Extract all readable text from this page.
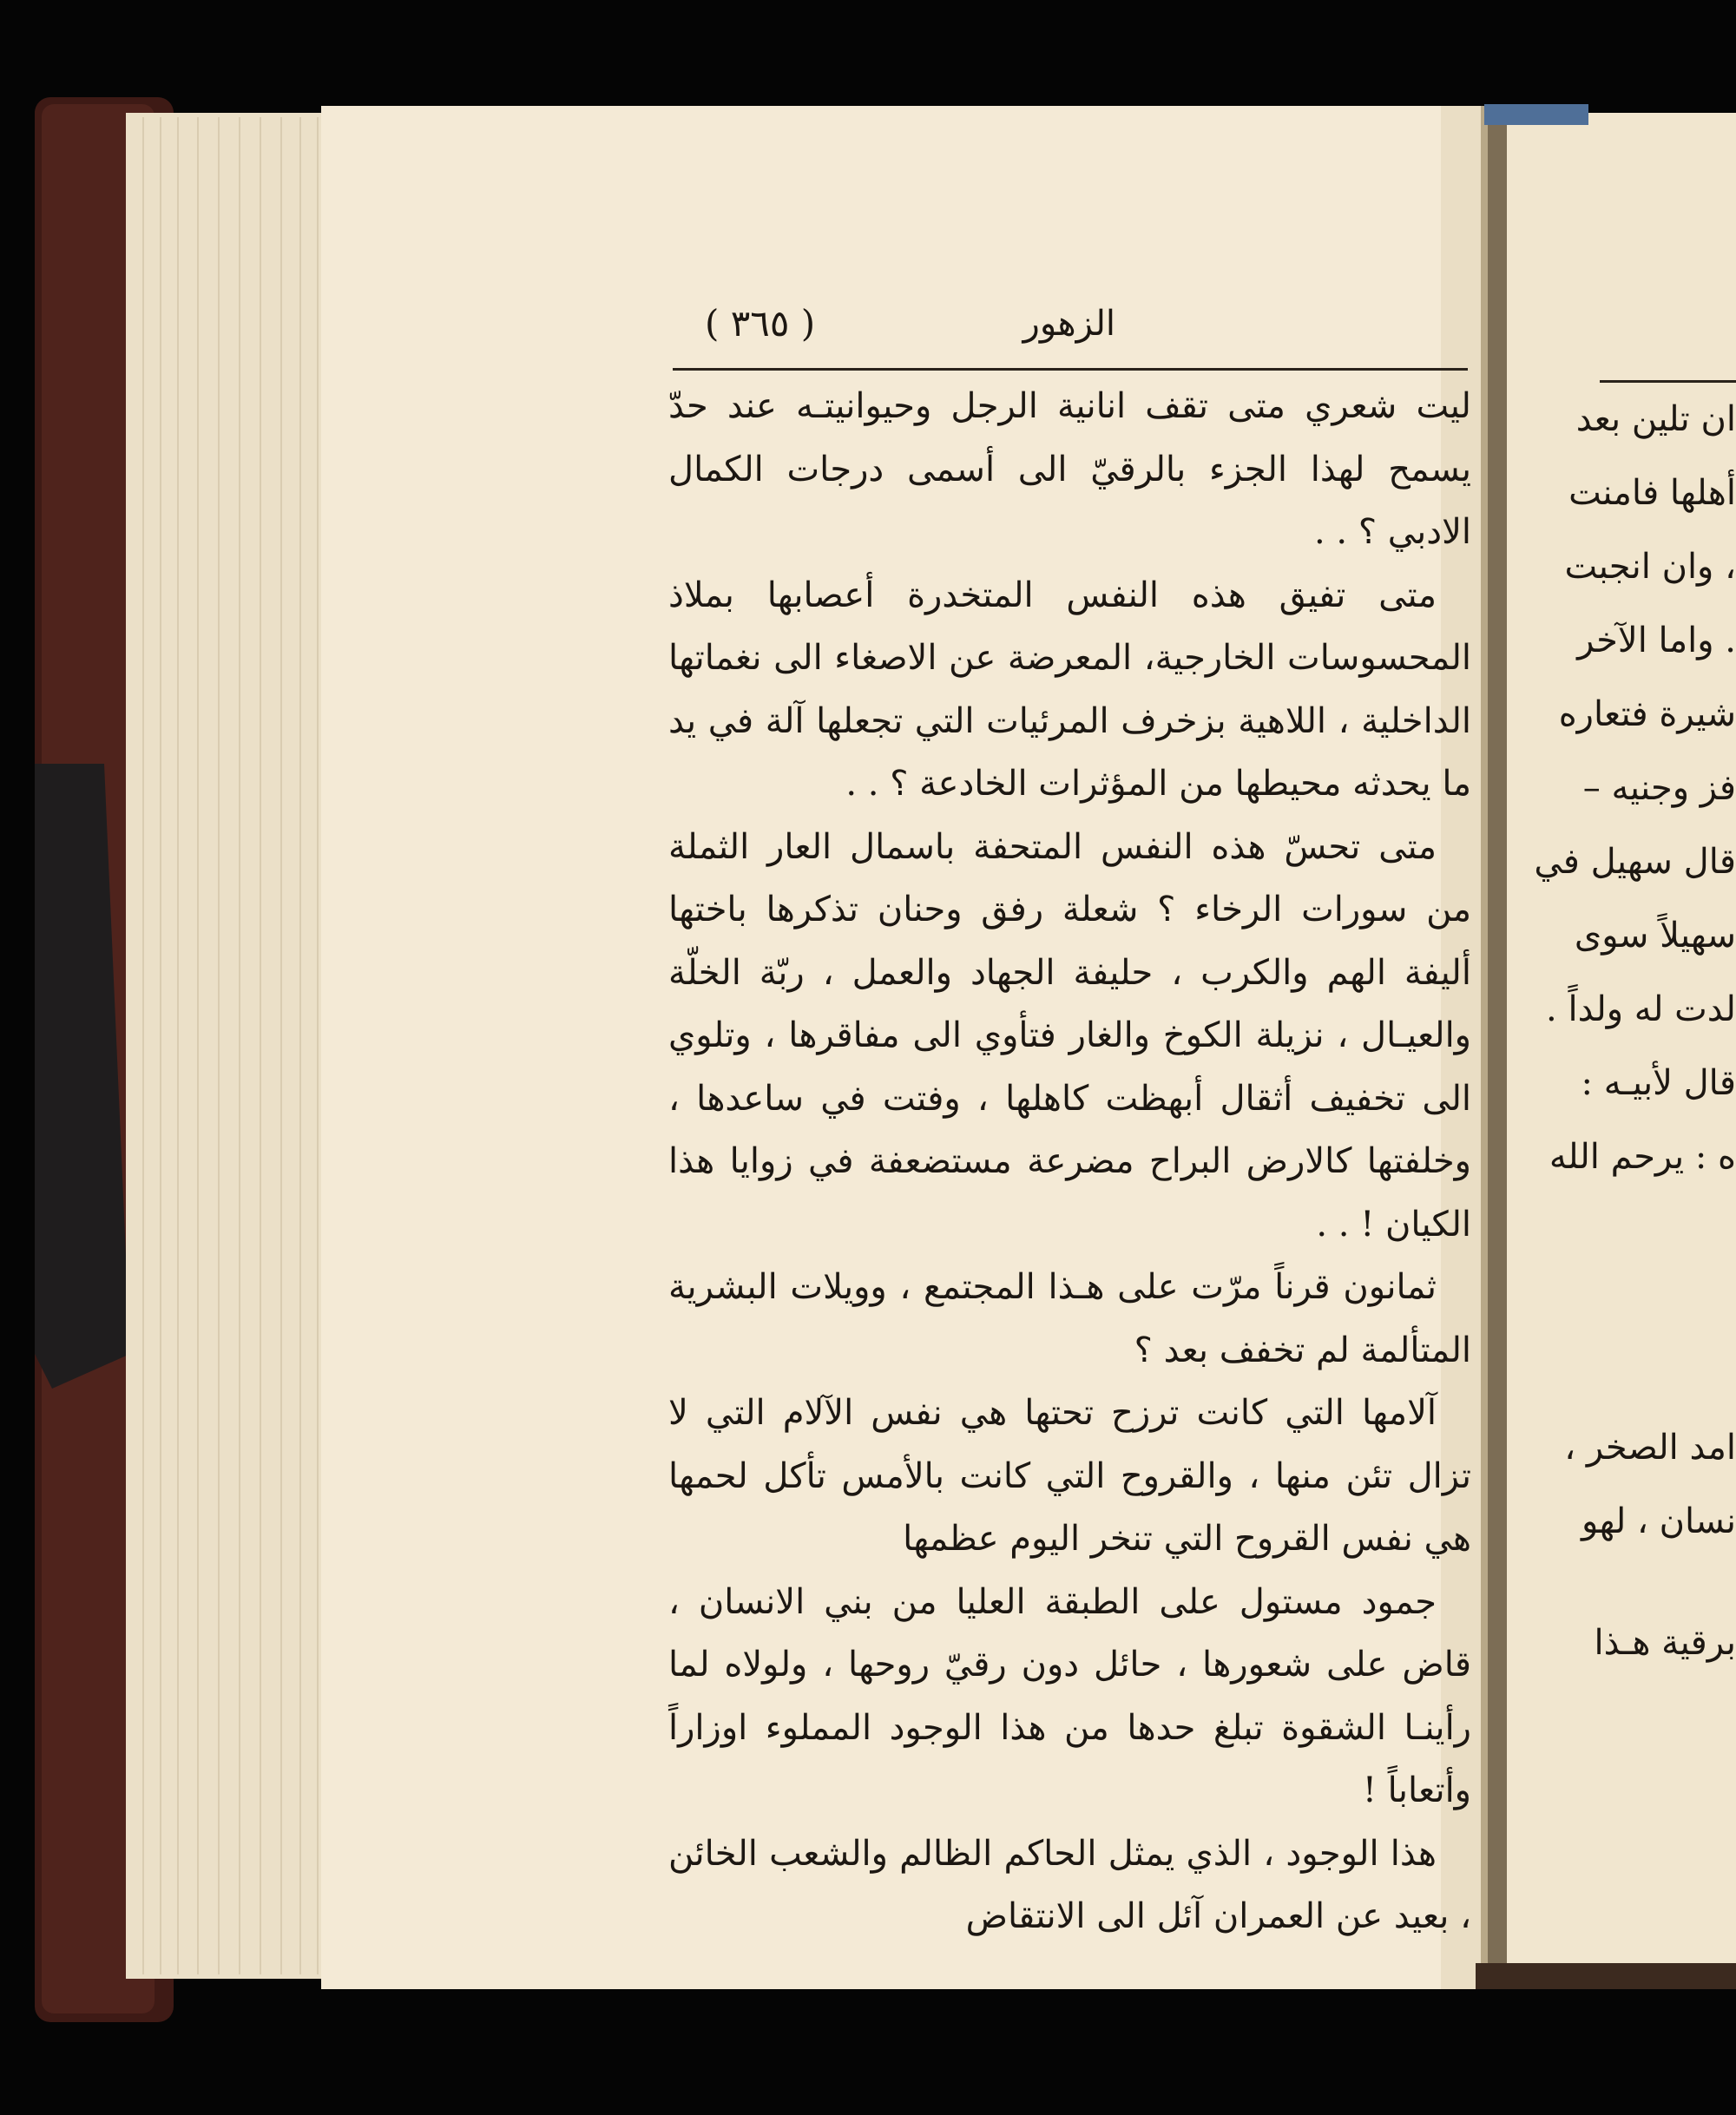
الزهور
( ٣٦٥ )

ليت شعري متى تقف انانية الرجل وحيوانيتـه عند حدّ يسمح لهذا الجزء بالرقيّ الى أسمى درجات الكمال الادبي ؟ . .

متى تفيق هذه النفس المتخدرة أعصابها بملاذ المحسوسات الخارجية، المعرضة عن الاصغاء الى نغماتها الداخلية ، اللاهية بزخرف المرئيات التي تجعلها آلة في يد ما يحدثه محيطها من المؤثرات الخادعة ؟ . .

متى تحسّ هذه النفس المتحفة باسمال العار الثملة من سورات الرخاء ؟ شعلة رفق وحنان تذكرها باختها أليفة الهم والكرب ، حليفة الجهاد والعمل ، ربّة الخلّة والعيـال ، نزيلة الكوخ والغار فتأوي الى مفاقرها ، وتلوي الى تخفيف أثقال أبهظت كاهلها ، وفتت في ساعدها ، وخلفتها كالارض البراح مضرعة مستضعفة في زوايا هذا الكيان ! . .

ثمانون قرناً مرّت على هـذا المجتمع ، وويلات البشرية المتألمة لم تخفف بعد ؟

آلامها التي كانت ترزح تحتها هي نفس الآلام التي لا تزال تئن منها ، والقروح التي كانت بالأمس تأكل لحمها هي نفس القروح التي تنخر اليوم عظمها

جمود مستول على الطبقة العليا من بني الانسان ، قاض على شعورها ، حائل دون رقيّ روحها ، ولولاه لما رأينـا الشقوة تبلغ حدها من هذا الوجود المملوء اوزاراً وأتعاباً !

هذا الوجود ، الذي يمثل الحاكم الظالم والشعب الخائن ، بعيد عن العمران آئل الى الانتقاض

ان تلين بعد
أهلها فامنت
، وان انجبت
. واما الآخر
شيرة فتعاره
فز وجنيه –
قال سهيل في
سهيلاً سوى
لدت له ولداً .
قال لأبيـه :
ه : يرحم الله
امد الصخر ،
نسان ، لهو
برقية هـذا
